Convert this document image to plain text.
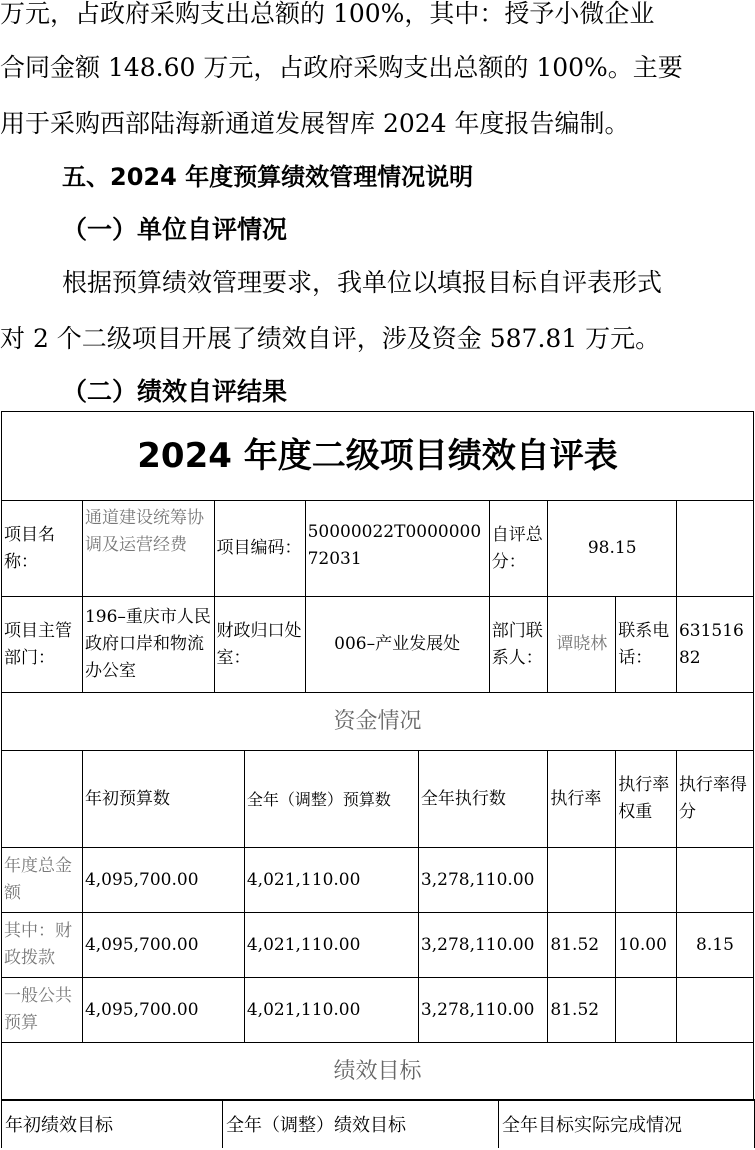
万元，占政府采购支出总额的 100%，其中：授予小微企业
合同金额 148.60 万元，占政府采购支出总额的 100%。主要
用于采购西部陆海新通道发展智库 2024 年度报告编制。
五、2024 年度预算绩效管理情况说明
（一）单位自评情况
根据预算绩效管理要求，我单位以填报目标自评表形式
对 2 个二级项目开展了绩效自评，涉及资金 587.81 万元。
（二）绩效自评结果
2024 年度二级项目绩效自评表									
项目名称：	通道建设统筹协调及运营经费	项目编码：		50000022T000000072031		自评总分：	98.15		
项目主管部门：	196–重庆市人民政府口岸和物流办公室	财政归口处室：		006–产业发展处		部门联系人：	谭晓林	联系电话：	63151682
资金情况									
	年初预算数		全年（调整）预算数		全年执行数		执行率	执行率权重	执行率得分
年度总金额	4,095,700.00		4,021,110.00		3,278,110.00				
其中：财政拨款	4,095,700.00		4,021,110.00		3,278,110.00		81.52	10.00	8.15
一般公共预算	4,095,700.00		4,021,110.00		3,278,110.00		81.52		
绩效目标									
年初绩效目标	全年（调整）绩效目标	全年目标实际完成情况
